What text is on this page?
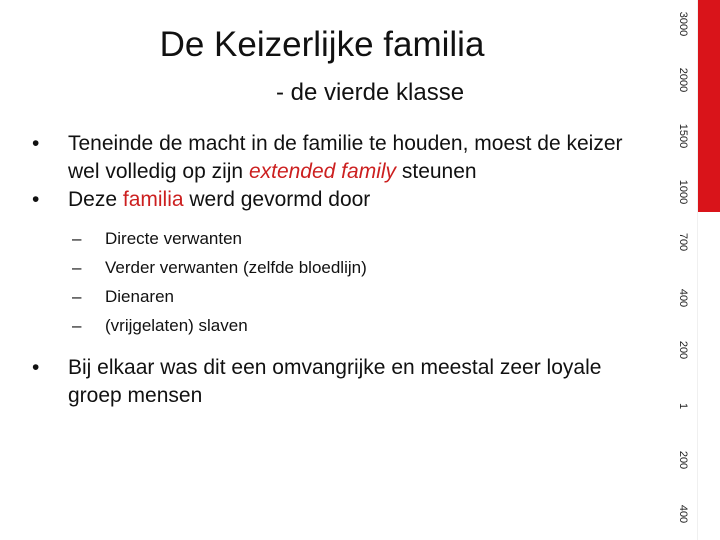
De Keizerlijke familia
- de vierde klasse

•	Teneinde de macht in de familie te houden, moest de keizer wel volledig op zijn extended family steunen

•	Deze familia werd gevormd door

– Directe verwanten
– Verder verwanten (zelfde bloedlijn)
– Dienaren
– (vrijgelaten) slaven

•	Bij elkaar was dit een omvangrijke en meestal zeer loyale groep mensen

3000
2000
1500
1000
700
400
200
1
200
400
